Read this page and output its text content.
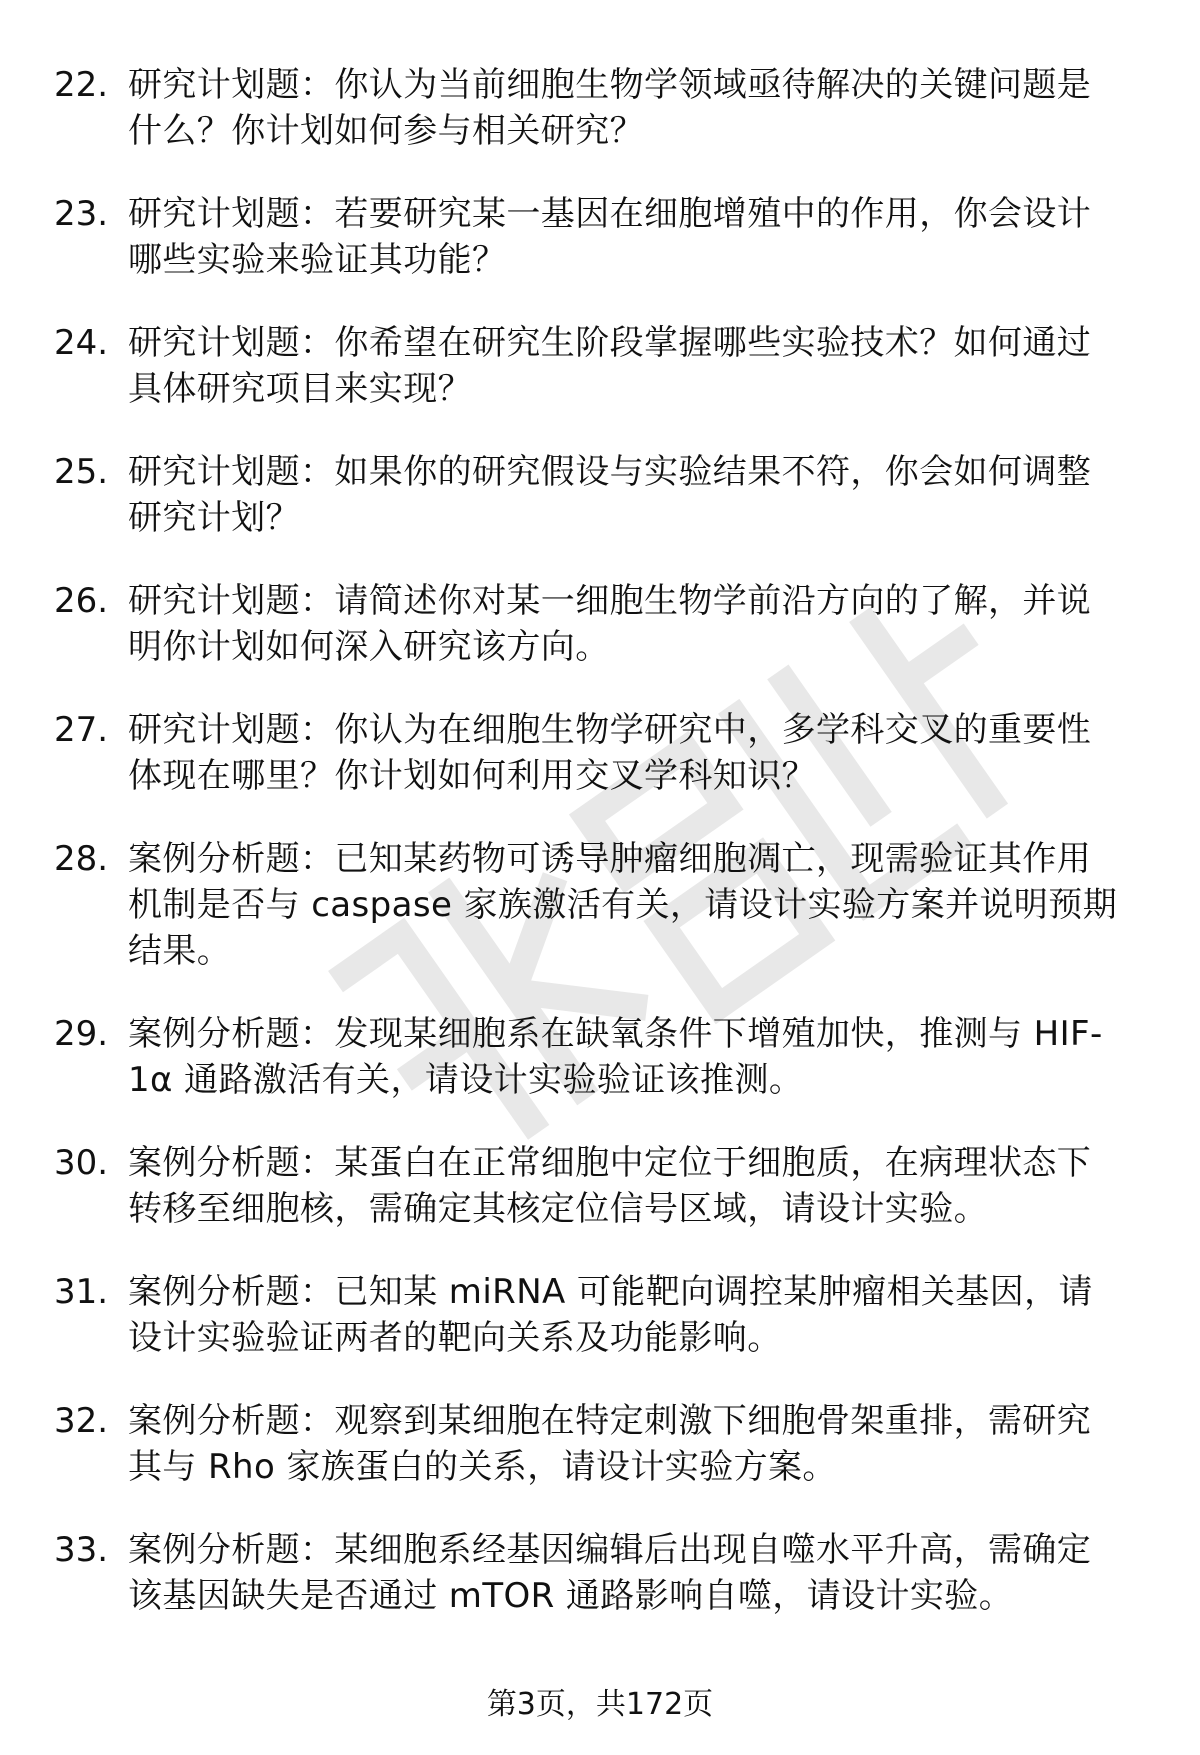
22. 研究计划题：你认为当前细胞生物学领域亟待解决的关键问题是
什么？你计划如何参与相关研究？
23. 研究计划题：若要研究某一基因在细胞增殖中的作用，你会设计
哪些实验来验证其功能？
24. 研究计划题：你希望在研究生阶段掌握哪些实验技术？如何通过
具体研究项目来实现？
25. 研究计划题：如果你的研究假设与实验结果不符，你会如何调整
研究计划？
26. 研究计划题：请简述你对某一细胞生物学前沿方向的了解，并说
明你计划如何深入研究该方向。
27. 研究计划题：你认为在细胞生物学研究中，多学科交叉的重要性
体现在哪里？你计划如何利用交叉学科知识？
28. 案例分析题：已知某药物可诱导肿瘤细胞凋亡，现需验证其作用
机制是否与 caspase 家族激活有关，请设计实验方案并说明预期
结果。
29. 案例分析题：发现某细胞系在缺氧条件下增殖加快，推测与 HIF-
1α 通路激活有关，请设计实验验证该推测。
30. 案例分析题：某蛋白在正常细胞中定位于细胞质，在病理状态下
转移至细胞核，需确定其核定位信号区域，请设计实验。
31. 案例分析题：已知某 miRNA 可能靶向调控某肿瘤相关基因，请
设计实验验证两者的靶向关系及功能影响。
32. 案例分析题：观察到某细胞在特定刺激下细胞骨架重排，需研究
其与 Rho 家族蛋白的关系，请设计实验方案。
33. 案例分析题：某细胞系经基因编辑后出现自噬水平升高，需确定
该基因缺失是否通过 mTOR 通路影响自噬，请设计实验。
第3页，共172页
